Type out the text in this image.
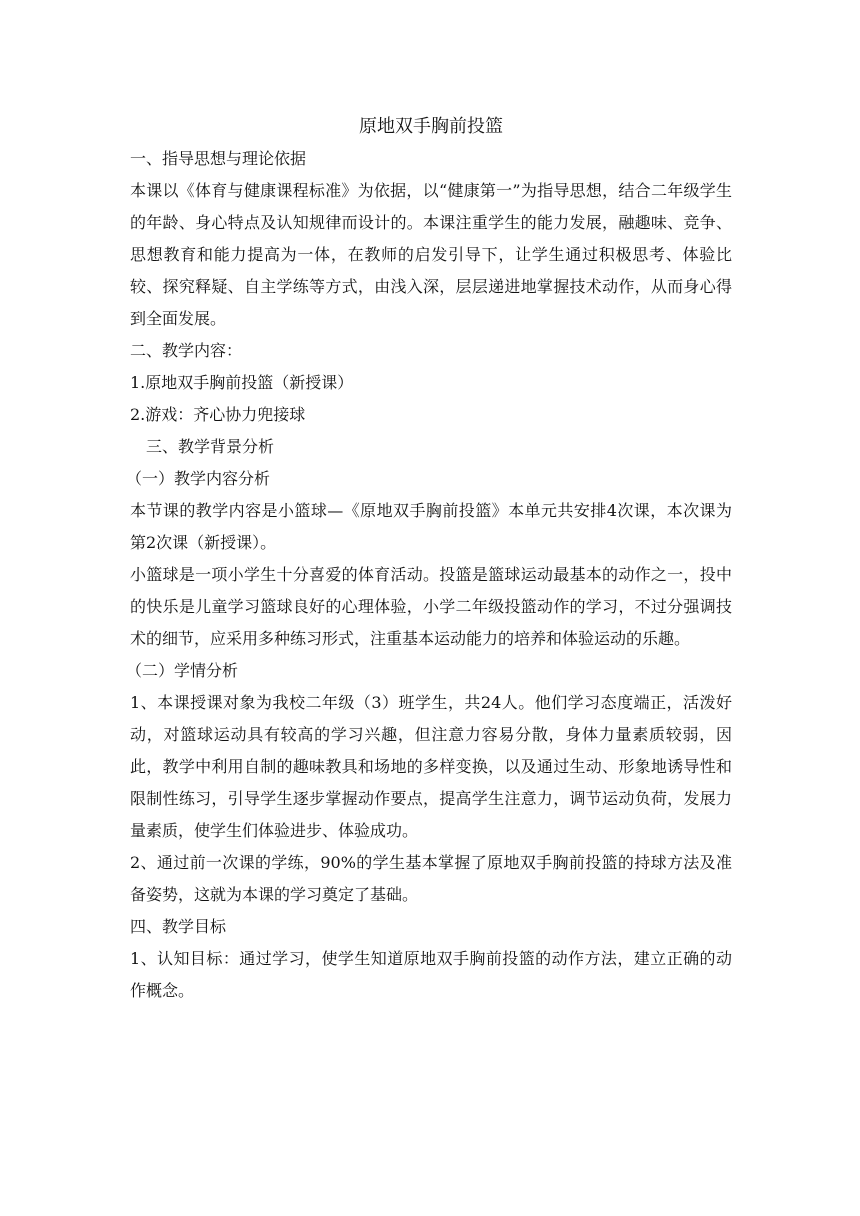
原地双手胸前投篮

一、指导思想与理论依据

本课以《体育与健康课程标准》为依据，以“健康第一”为指导思想，结合二年级学生的年龄、身心特点及认知规律而设计的。本课注重学生的能力发展，融趣味、竞争、思想教育和能力提高为一体，在教师的启发引导下，让学生通过积极思考、体验比较、探究释疑、自主学练等方式，由浅入深，层层递进地掌握技术动作，从而身心得到全面发展。

二、教学内容：

1.原地双手胸前投篮（新授课）

2.游戏：齐心协力兜接球

三、教学背景分析

（一）教学内容分析

本节课的教学内容是小篮球—《原地双手胸前投篮》本单元共安排4次课，本次课为第2次课（新授课）。

小篮球是一项小学生十分喜爱的体育活动。投篮是篮球运动最基本的动作之一，投中的快乐是儿童学习篮球良好的心理体验，小学二年级投篮动作的学习，不过分强调技术的细节，应采用多种练习形式，注重基本运动能力的培养和体验运动的乐趣。

（二）学情分析

1、本课授课对象为我校二年级（3）班学生，共24人。他们学习态度端正，活泼好动，对篮球运动具有较高的学习兴趣，但注意力容易分散，身体力量素质较弱，因此，教学中利用自制的趣味教具和场地的多样变换，以及通过生动、形象地诱导性和限制性练习，引导学生逐步掌握动作要点，提高学生注意力，调节运动负荷，发展力量素质，使学生们体验进步、体验成功。

2、通过前一次课的学练，90%的学生基本掌握了原地双手胸前投篮的持球方法及准备姿势，这就为本课的学习奠定了基础。

四、教学目标

1、认知目标：通过学习，使学生知道原地双手胸前投篮的动作方法，建立正确的动作概念。
